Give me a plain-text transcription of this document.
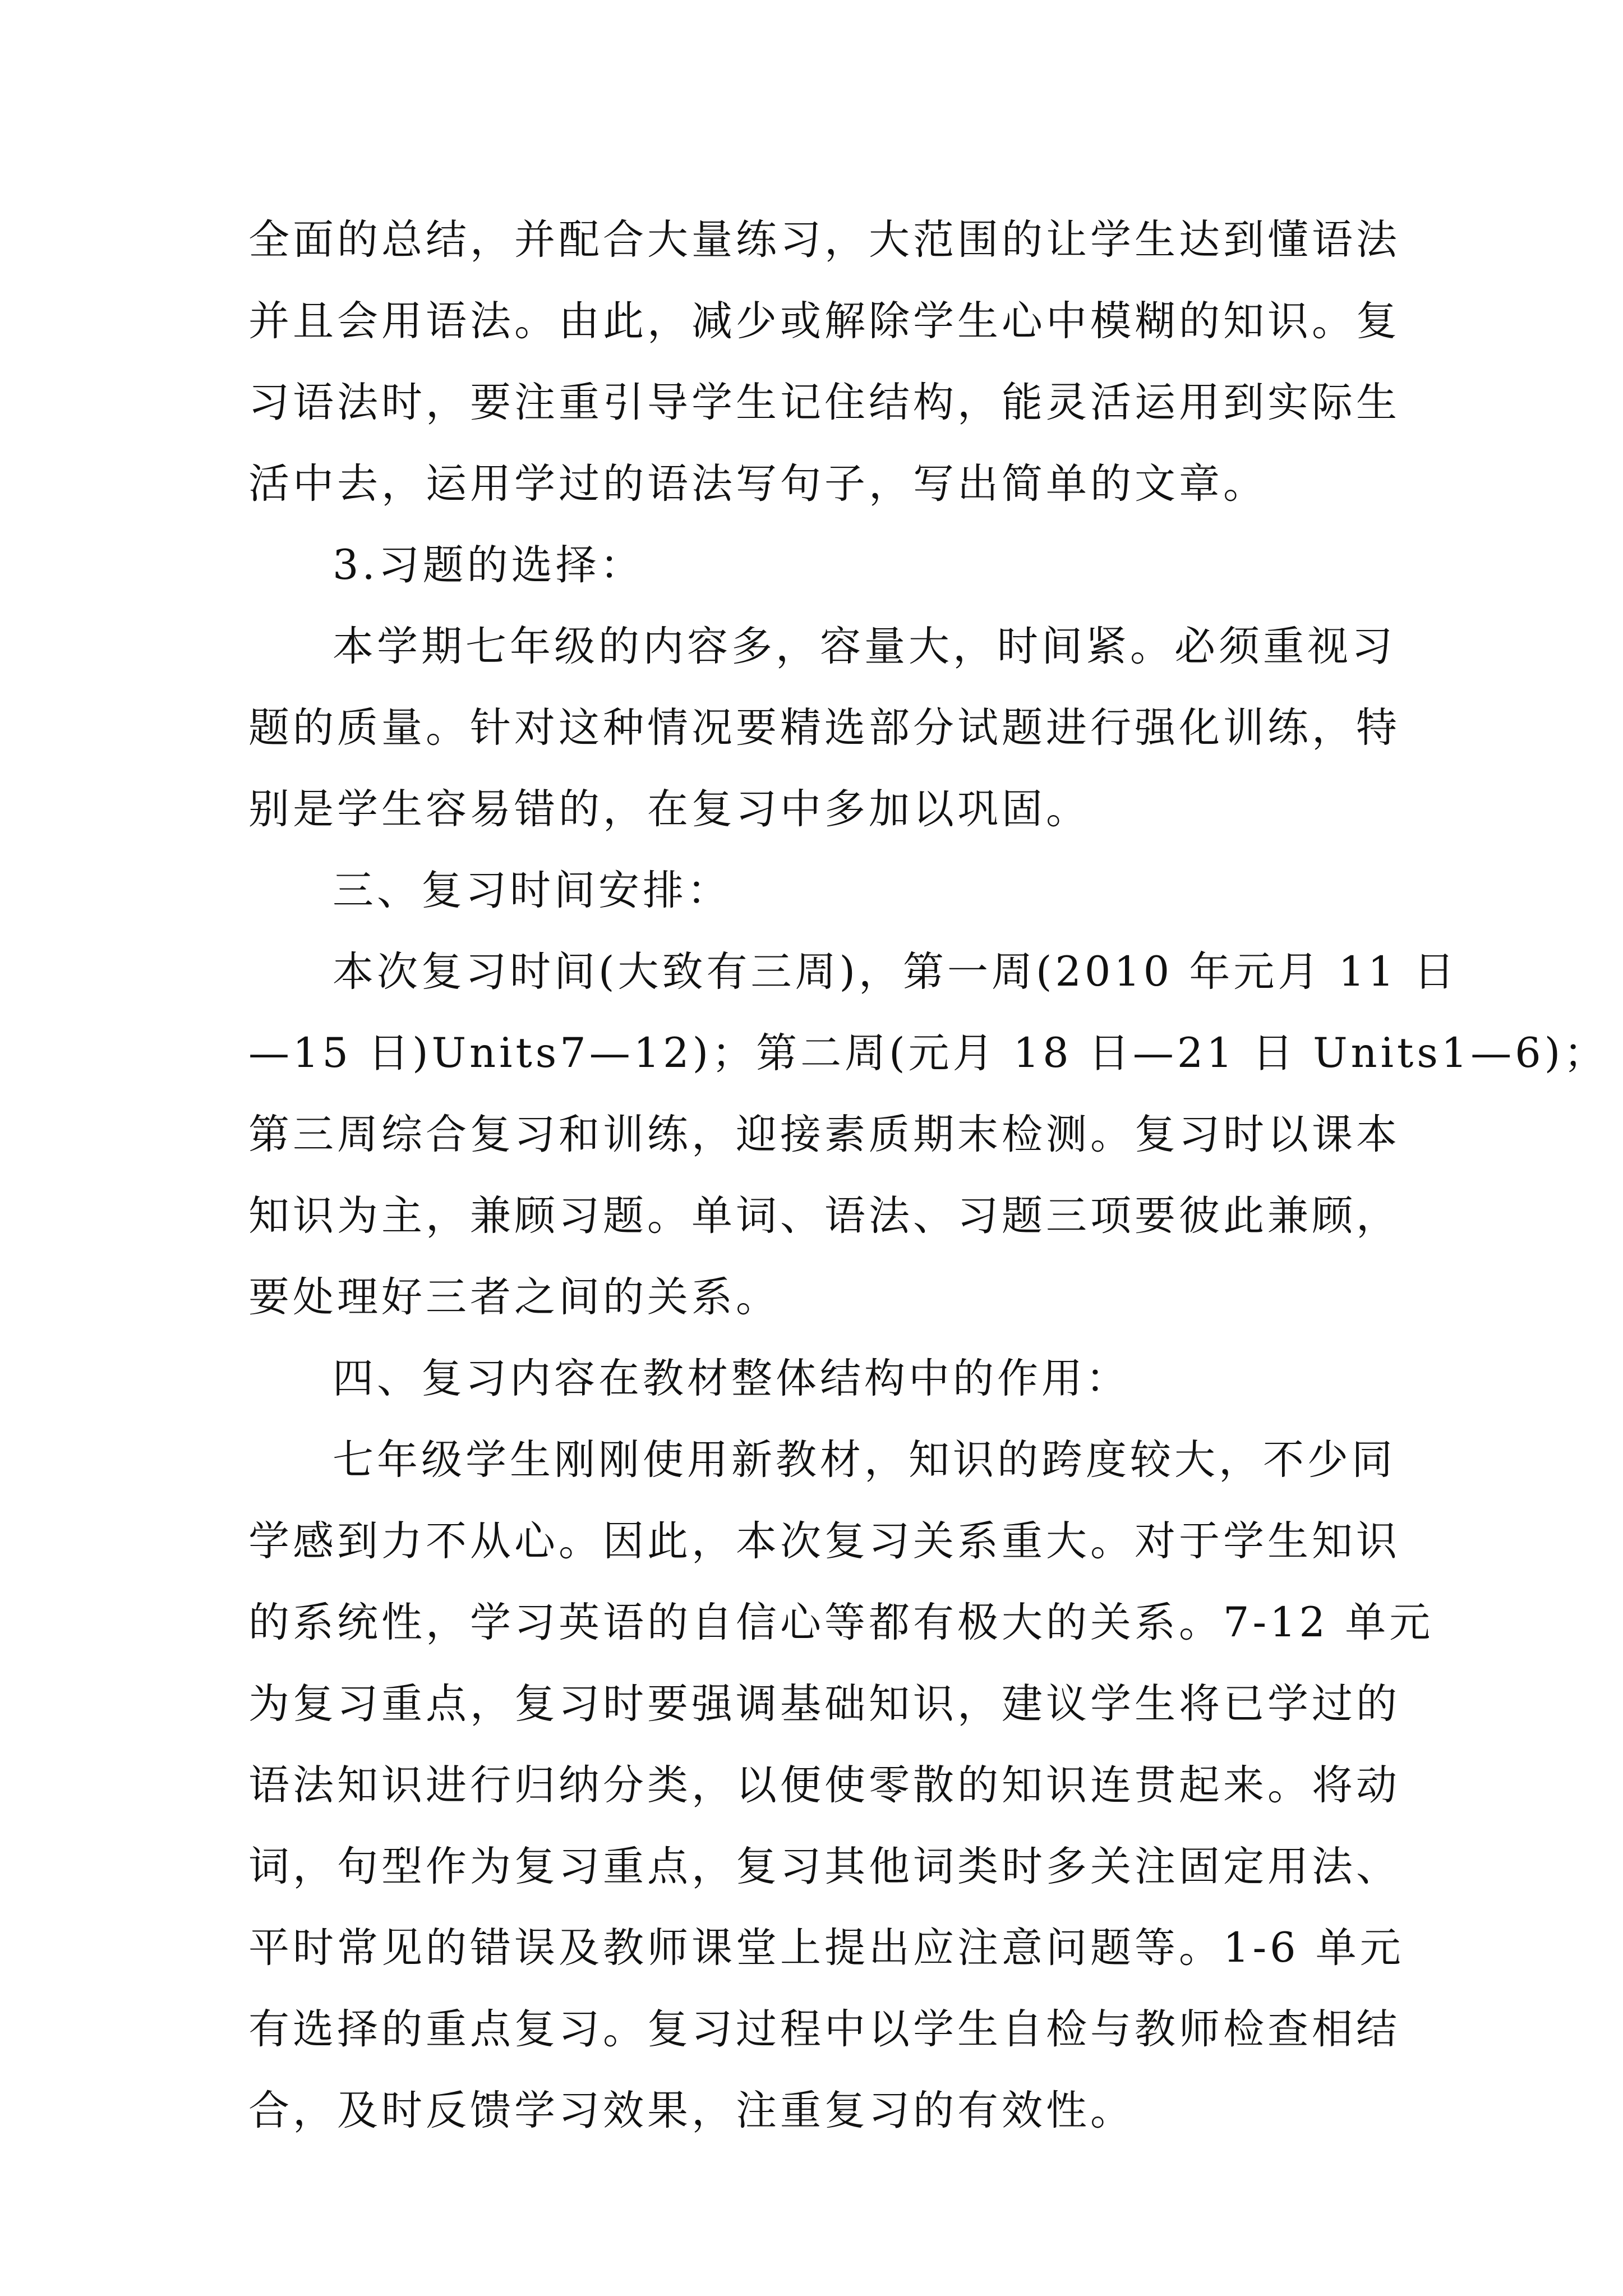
全面的总结，并配合大量练习，大范围的让学生达到懂语法
并且会用语法。由此，减少或解除学生心中模糊的知识。复
习语法时，要注重引导学生记住结构，能灵活运用到实际生
活中去，运用学过的语法写句子，写出简单的文章。

3.习题的选择：

本学期七年级的内容多，容量大，时间紧。必须重视习
题的质量。针对这种情况要精选部分试题进行强化训练，特
别是学生容易错的，在复习中多加以巩固。

三、复习时间安排：

本次复习时间(大致有三周)，第一周(2010 年元月 11 日
—15 日)Units7—12)；第二周(元月 18 日—21 日 Units1—6)；
第三周综合复习和训练，迎接素质期末检测。复习时以课本
知识为主，兼顾习题。单词、语法、习题三项要彼此兼顾，
要处理好三者之间的关系。

四、复习内容在教材整体结构中的作用：

七年级学生刚刚使用新教材，知识的跨度较大，不少同
学感到力不从心。因此，本次复习关系重大。对于学生知识
的系统性，学习英语的自信心等都有极大的关系。7-12 单元
为复习重点，复习时要强调基础知识，建议学生将已学过的
语法知识进行归纳分类，以便使零散的知识连贯起来。将动
词，句型作为复习重点，复习其他词类时多关注固定用法、
平时常见的错误及教师课堂上提出应注意问题等。1-6 单元
有选择的重点复习。复习过程中以学生自检与教师检查相结
合，及时反馈学习效果，注重复习的有效性。
